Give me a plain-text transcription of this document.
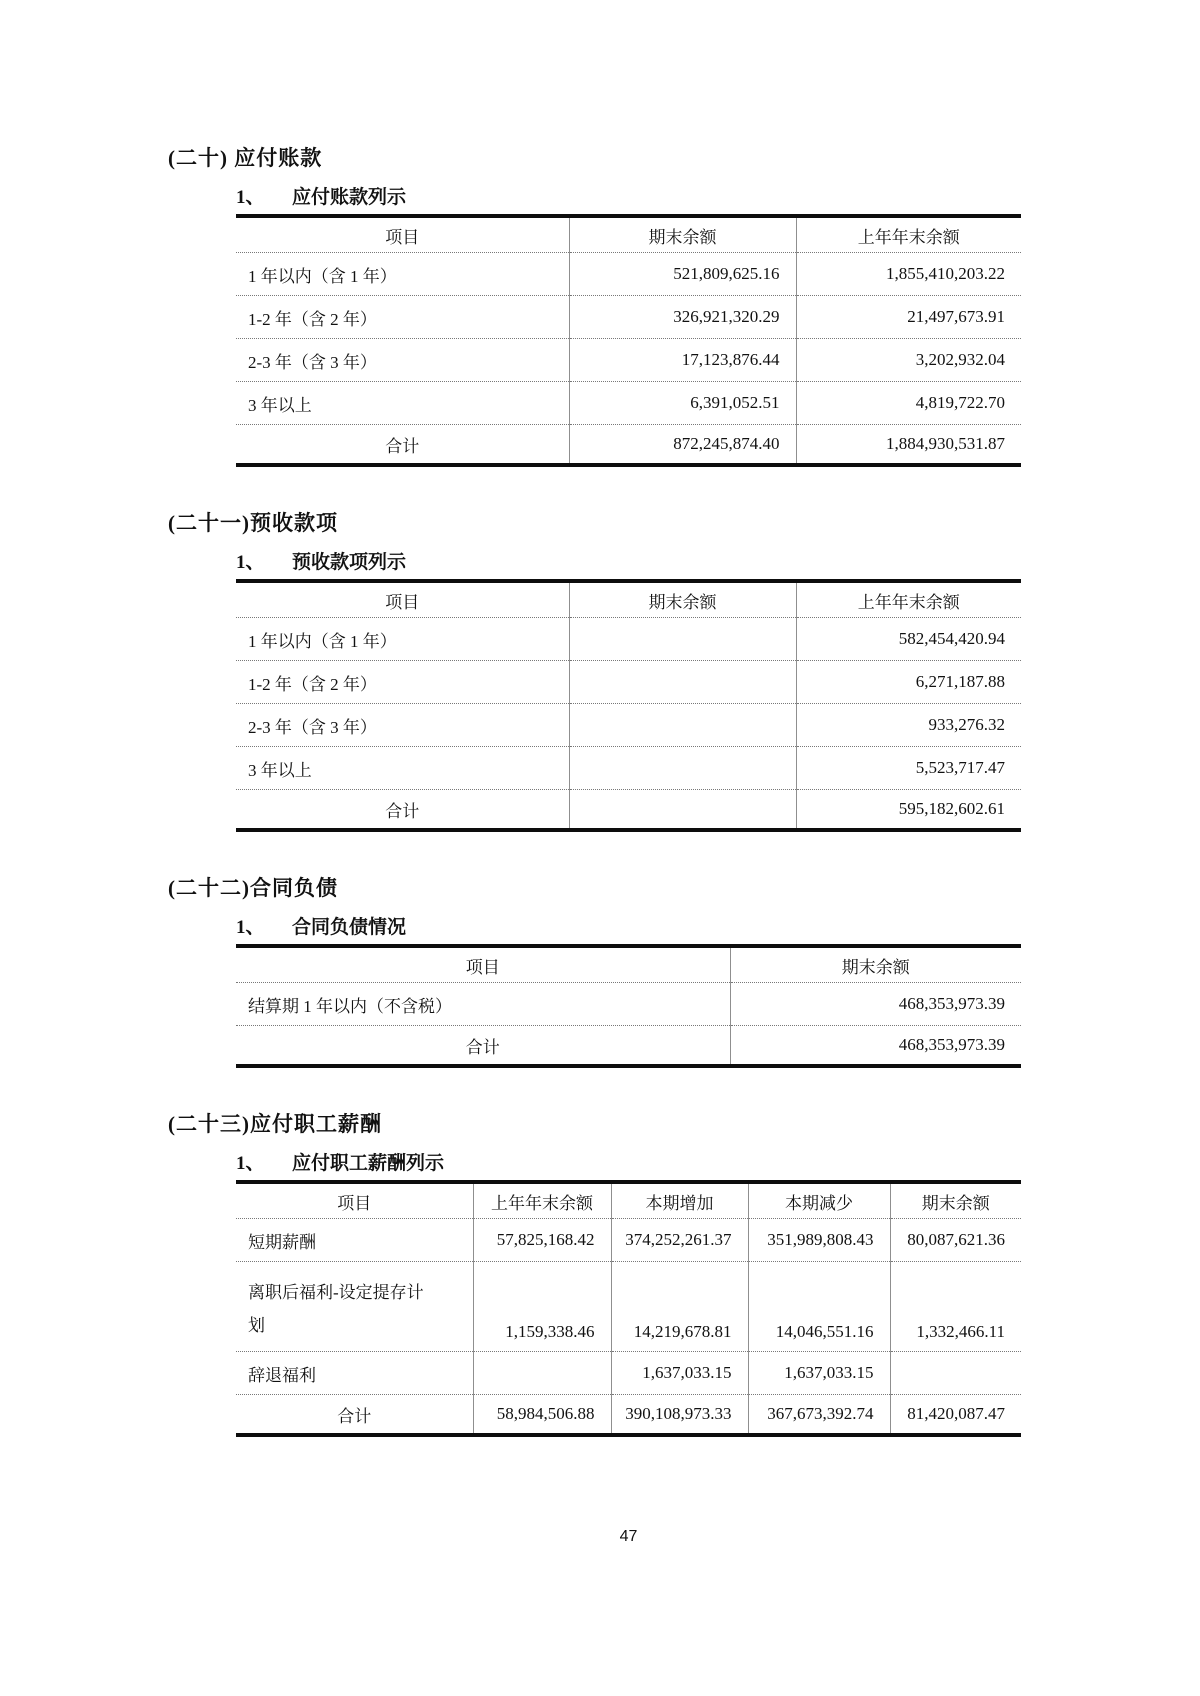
(二十) 应付账款
1、	应付账款列示
项目	期末余额	上年年末余额
1 年以内（含 1 年）	521,809,625.16	1,855,410,203.22
1-2 年（含 2 年）	326,921,320.29	21,497,673.91
2-3 年（含 3 年）	17,123,876.44	3,202,932.04
3 年以上	6,391,052.51	4,819,722.70
合计	872,245,874.40	1,884,930,531.87
(二十一)预收款项
1、	预收款项列示
项目	期末余额	上年年末余额
1 年以内（含 1 年）		582,454,420.94
1-2 年（含 2 年）		6,271,187.88
2-3 年（含 3 年）		933,276.32
3 年以上		5,523,717.47
合计		595,182,602.61
(二十二)合同负债
1、	合同负债情况
项目	期末余额
结算期 1 年以内（不含税）	468,353,973.39
合计	468,353,973.39
(二十三)应付职工薪酬
1、	应付职工薪酬列示
项目	上年年末余额	本期增加	本期减少	期末余额
短期薪酬	57,825,168.42	374,252,261.37	351,989,808.43	80,087,621.36

离职后福利-设定提存计划	1,159,338.46	14,219,678.81	14,046,551.16	1,332,466.11
辞退福利		1,637,033.15	1,637,033.15	
合计	58,984,506.88	390,108,973.33	367,673,392.74	81,420,087.47
47
